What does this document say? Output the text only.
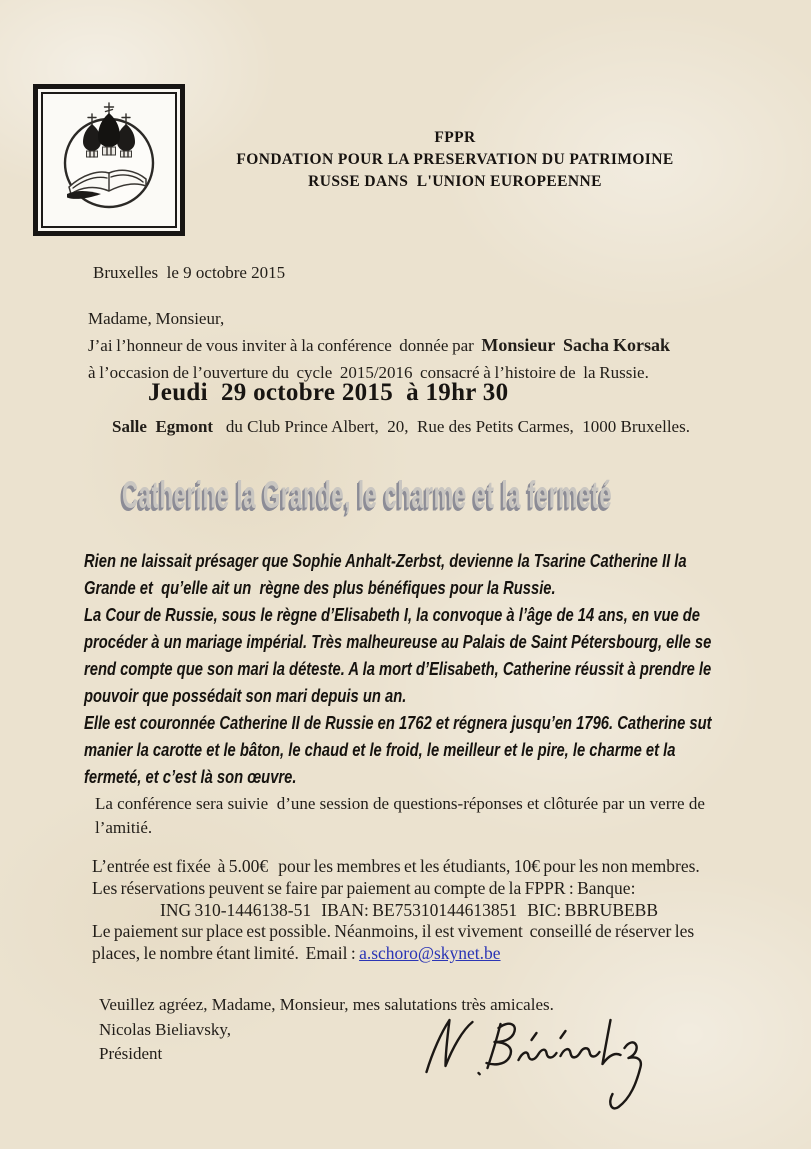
FPPR
FONDATION POUR LA PRESERVATION DU PATRIMOINE
RUSSE DANS  L'UNION EUROPEENNE
Bruxelles  le 9 octobre 2015
Madame, Monsieur,
J’ai l’honneur de vous inviter à la conférence  donnée par  Monsieur  Sacha Korsak
à l’occasion de l’ouverture du  cycle  2015/2016  consacré à l’histoire de  la Russie.
Jeudi  29 octobre 2015  à 19hr 30
Salle  Egmont   du Club Prince Albert,  20,  Rue des Petits Carmes,  1000 Bruxelles.
Catherine la Grande, le charme et la fermeté
Rien ne laissait présager que Sophie Anhalt-Zerbst, devienne la Tsarine Catherine II la
Grande et  qu’elle ait un  règne des plus bénéfiques pour la Russie.
La Cour de Russie, sous le règne d’Elisabeth I, la convoque à l’âge de 14 ans, en vue de
procéder à un mariage impérial. Très malheureuse au Palais de Saint Pétersbourg, elle se
rend compte que son mari la déteste. A la mort d’Elisabeth, Catherine réussit à prendre le
pouvoir que possédait son mari depuis un an.
Elle est couronnée Catherine II de Russie en 1762 et régnera jusqu’en 1796. Catherine sut
manier la carotte et le bâton, le chaud et le froid, le meilleur et le pire, le charme et la
fermeté, et c’est là son œuvre.
La conférence sera suivie  d’une session de questions-réponses et clôturée par un verre de
l’amitié.
L’entrée est fixée  à 5.00€   pour les membres et les étudiants, 10€ pour les non membres.
Les réservations peuvent se faire par paiement au compte de la FPPR : Banque:
ING 310-1446138-51   IBAN: BE75310144613851   BIC: BBRUBEBB
Le paiement sur place est possible. Néanmoins, il est vivement  conseillé de réserver les
places, le nombre étant limité.  Email : a.schoro@skynet.be
Veuillez agréez, Madame, Monsieur, mes salutations très amicales.
Nicolas Bieliavsky,
Président
